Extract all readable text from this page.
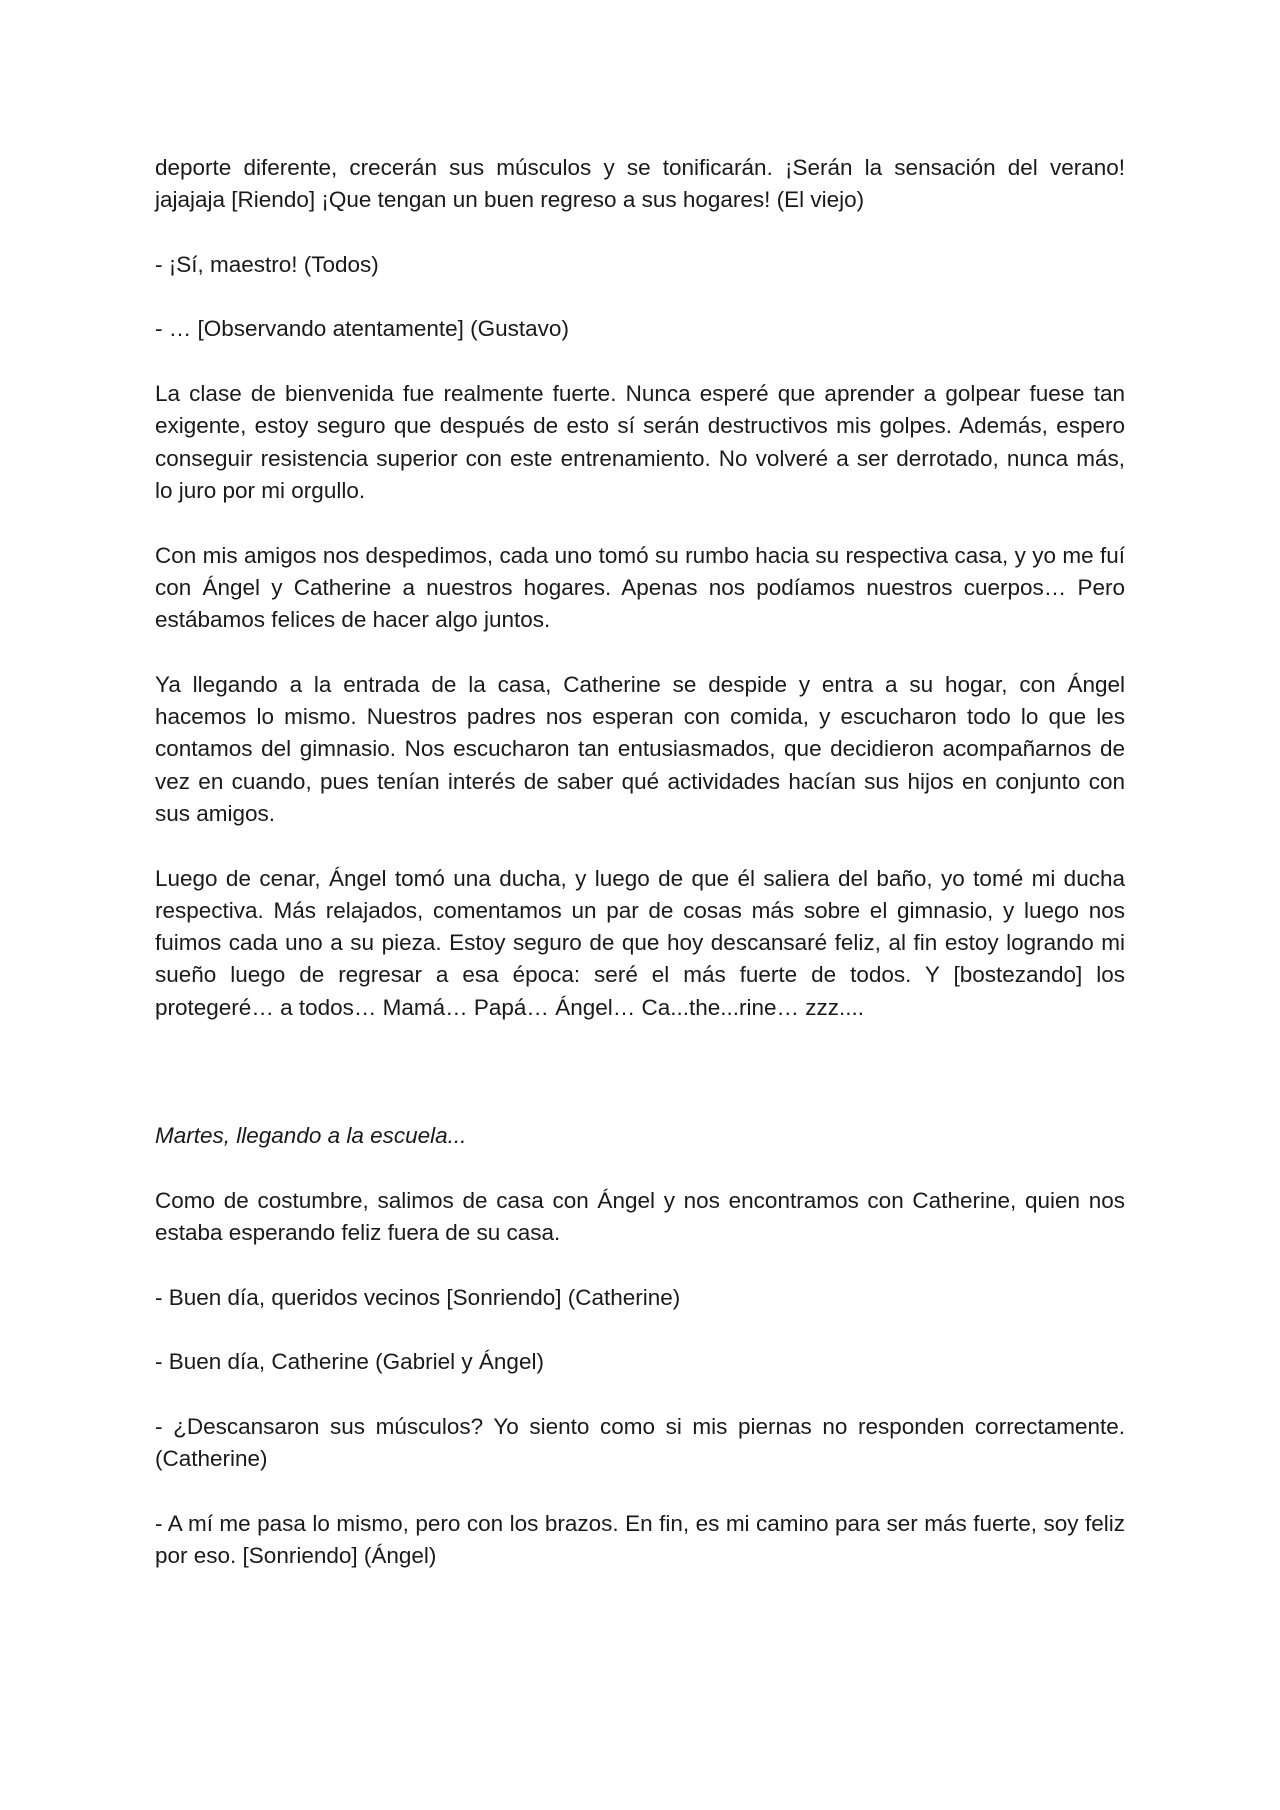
deporte diferente, crecerán sus músculos y se tonificarán. ¡Serán la sensación del verano! jajajaja [Riendo] ¡Que tengan un buen regreso a sus hogares! (El viejo)

- ¡Sí, maestro! (Todos)

- … [Observando atentamente] (Gustavo)

La clase de bienvenida fue realmente fuerte. Nunca esperé que aprender a golpear fuese tan exigente, estoy seguro que después de esto sí serán destructivos mis golpes. Además, espero conseguir resistencia superior con este entrenamiento. No volveré a ser derrotado, nunca más, lo juro por mi orgullo.

Con mis amigos nos despedimos, cada uno tomó su rumbo hacia su respectiva casa, y yo me fuí con Ángel y Catherine a nuestros hogares. Apenas nos podíamos nuestros cuerpos… Pero estábamos felices de hacer algo juntos.

Ya llegando a la entrada de la casa, Catherine se despide y entra a su hogar, con Ángel hacemos lo mismo. Nuestros padres nos esperan con comida, y escucharon todo lo que les contamos del gimnasio. Nos escucharon tan entusiasmados, que decidieron acompañarnos de vez en cuando, pues tenían interés de saber qué actividades hacían sus hijos en conjunto con sus amigos.

Luego de cenar, Ángel tomó una ducha, y luego de que él saliera del baño, yo tomé mi ducha respectiva. Más relajados, comentamos un par de cosas más sobre el gimnasio, y luego nos fuimos cada uno a su pieza. Estoy seguro de que hoy descansaré feliz, al fin estoy logrando mi sueño luego de regresar a esa época: seré el más fuerte de todos. Y [bostezando] los protegeré… a todos… Mamá… Papá… Ángel… Ca...the...rine… zzz....

Martes, llegando a la escuela...

Como de costumbre, salimos de casa con Ángel y nos encontramos con Catherine, quien nos estaba esperando feliz fuera de su casa.

- Buen día, queridos vecinos [Sonriendo] (Catherine)

- Buen día, Catherine (Gabriel y Ángel)

- ¿Descansaron sus músculos? Yo siento como si mis piernas no responden correctamente. (Catherine)

- A mí me pasa lo mismo, pero con los brazos. En fin, es mi camino para ser más fuerte, soy feliz por eso. [Sonriendo] (Ángel)
